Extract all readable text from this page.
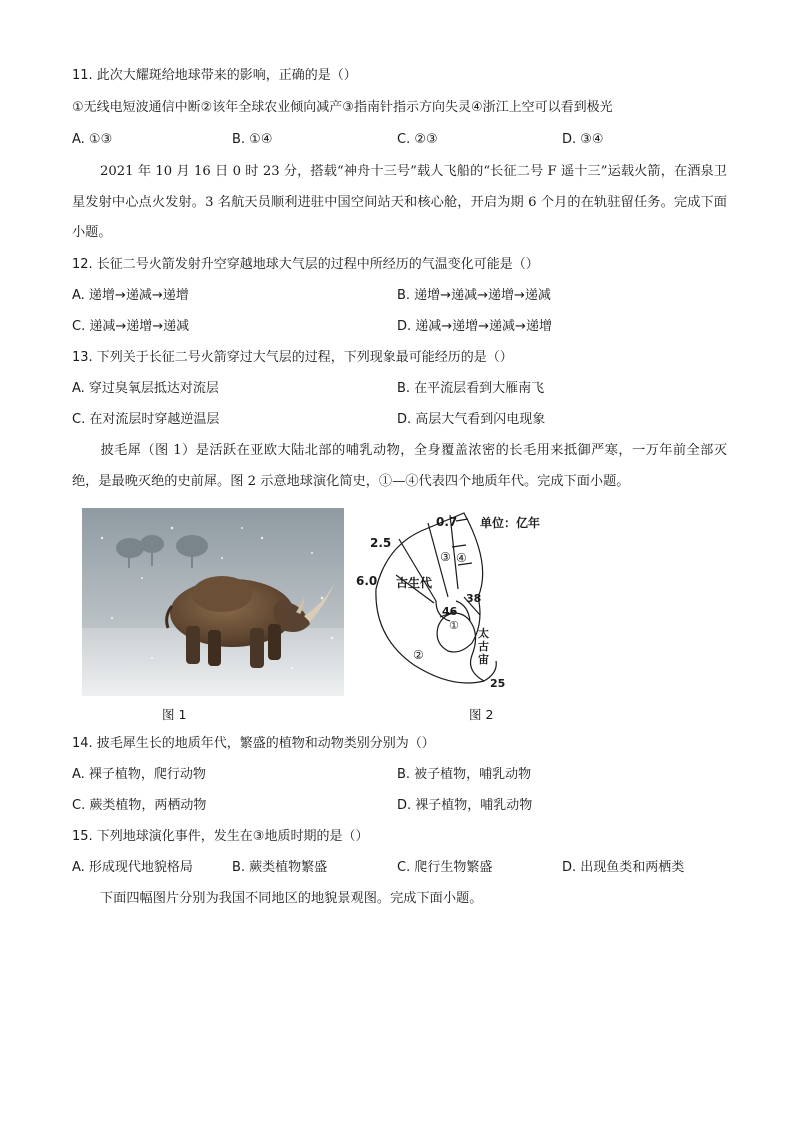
11. 此次大耀斑给地球带来的影响，正确的是（）
①无线电短波通信中断②该年全球农业倾向减产③指南针指示方向失灵④浙江上空可以看到极光
A. ①③	B. ①④	C. ②③	D. ③④
2021 年 10 月 16 日 0 时 23 分，搭载“神舟十三号”载人飞船的“长征二号 F 遥十三”运载火箭，在酒泉卫星发射中心点火发射。3 名航天员顺利进驻中国空间站天和核心舱，开启为期 6 个月的在轨驻留任务。完成下面小题。
12. 长征二号火箭发射升空穿越地球大气层的过程中所经历的气温变化可能是（）
A. 递增→递减→递增	B. 递增→递减→递增→递减
C. 递减→递增→递减	D. 递减→递增→递减→递增
13. 下列关于长征二号火箭穿过大气层的过程，下列现象最可能经历的是（）
A. 穿过臭氧层抵达对流层	B. 在平流层看到大雁南飞
C. 在对流层时穿越逆温层	D. 高层大气看到闪电现象
披毛犀（图 1）是活跃在亚欧大陆北部的哺乳动物，全身覆盖浓密的长毛用来抵御严寒，一万年前全部灭绝，是最晚灭绝的史前犀。图 2 示意地球演化简史，①—④代表四个地质年代。完成下面小题。
图 1
0.7 单位：亿年
2.5
6.0 古生代
46
38
25
太
古
宙
①
②
③ ④
图 2
14. 披毛犀生长的地质年代，繁盛的植物和动物类别分别为（）
A. 裸子植物，爬行动物	B. 被子植物，哺乳动物
C. 蕨类植物，两栖动物	D. 裸子植物，哺乳动物
15. 下列地球演化事件，发生在③地质时期的是（）
A. 形成现代地貌格局	B. 蕨类植物繁盛	C. 爬行生物繁盛	D. 出现鱼类和两栖类
下面四幅图片分别为我国不同地区的地貌景观图。完成下面小题。
